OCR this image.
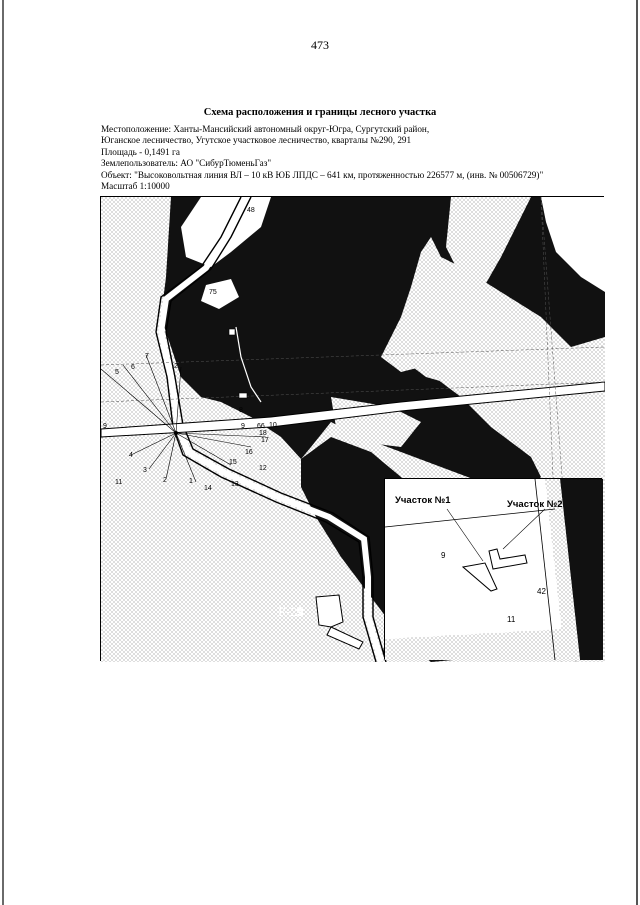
473
Схема расположения и границы лесного участка
Местоположение: Ханты-Мансийский автономный округ-Югра, Сургутский район,
Юганское лесничество, Угутское участковое лесничество, кварталы №290, 291
Площадь - 0,1491 га
Землепользователь: АО "СибурТюменьГаз"
Объект: "Высоковольтная линия ВЛ – 10 кВ ЮБ ЛПДС – 641 км, протяженностью 226577 м, (инв. № 00506729)"
Масштаб 1:10000
48
75
5
6
7
2
9
4
3
2	1
11
14
13
15
12
16
17
18
9 66 10
8
К-29
Участок №1	Участок №2
9
42
11
